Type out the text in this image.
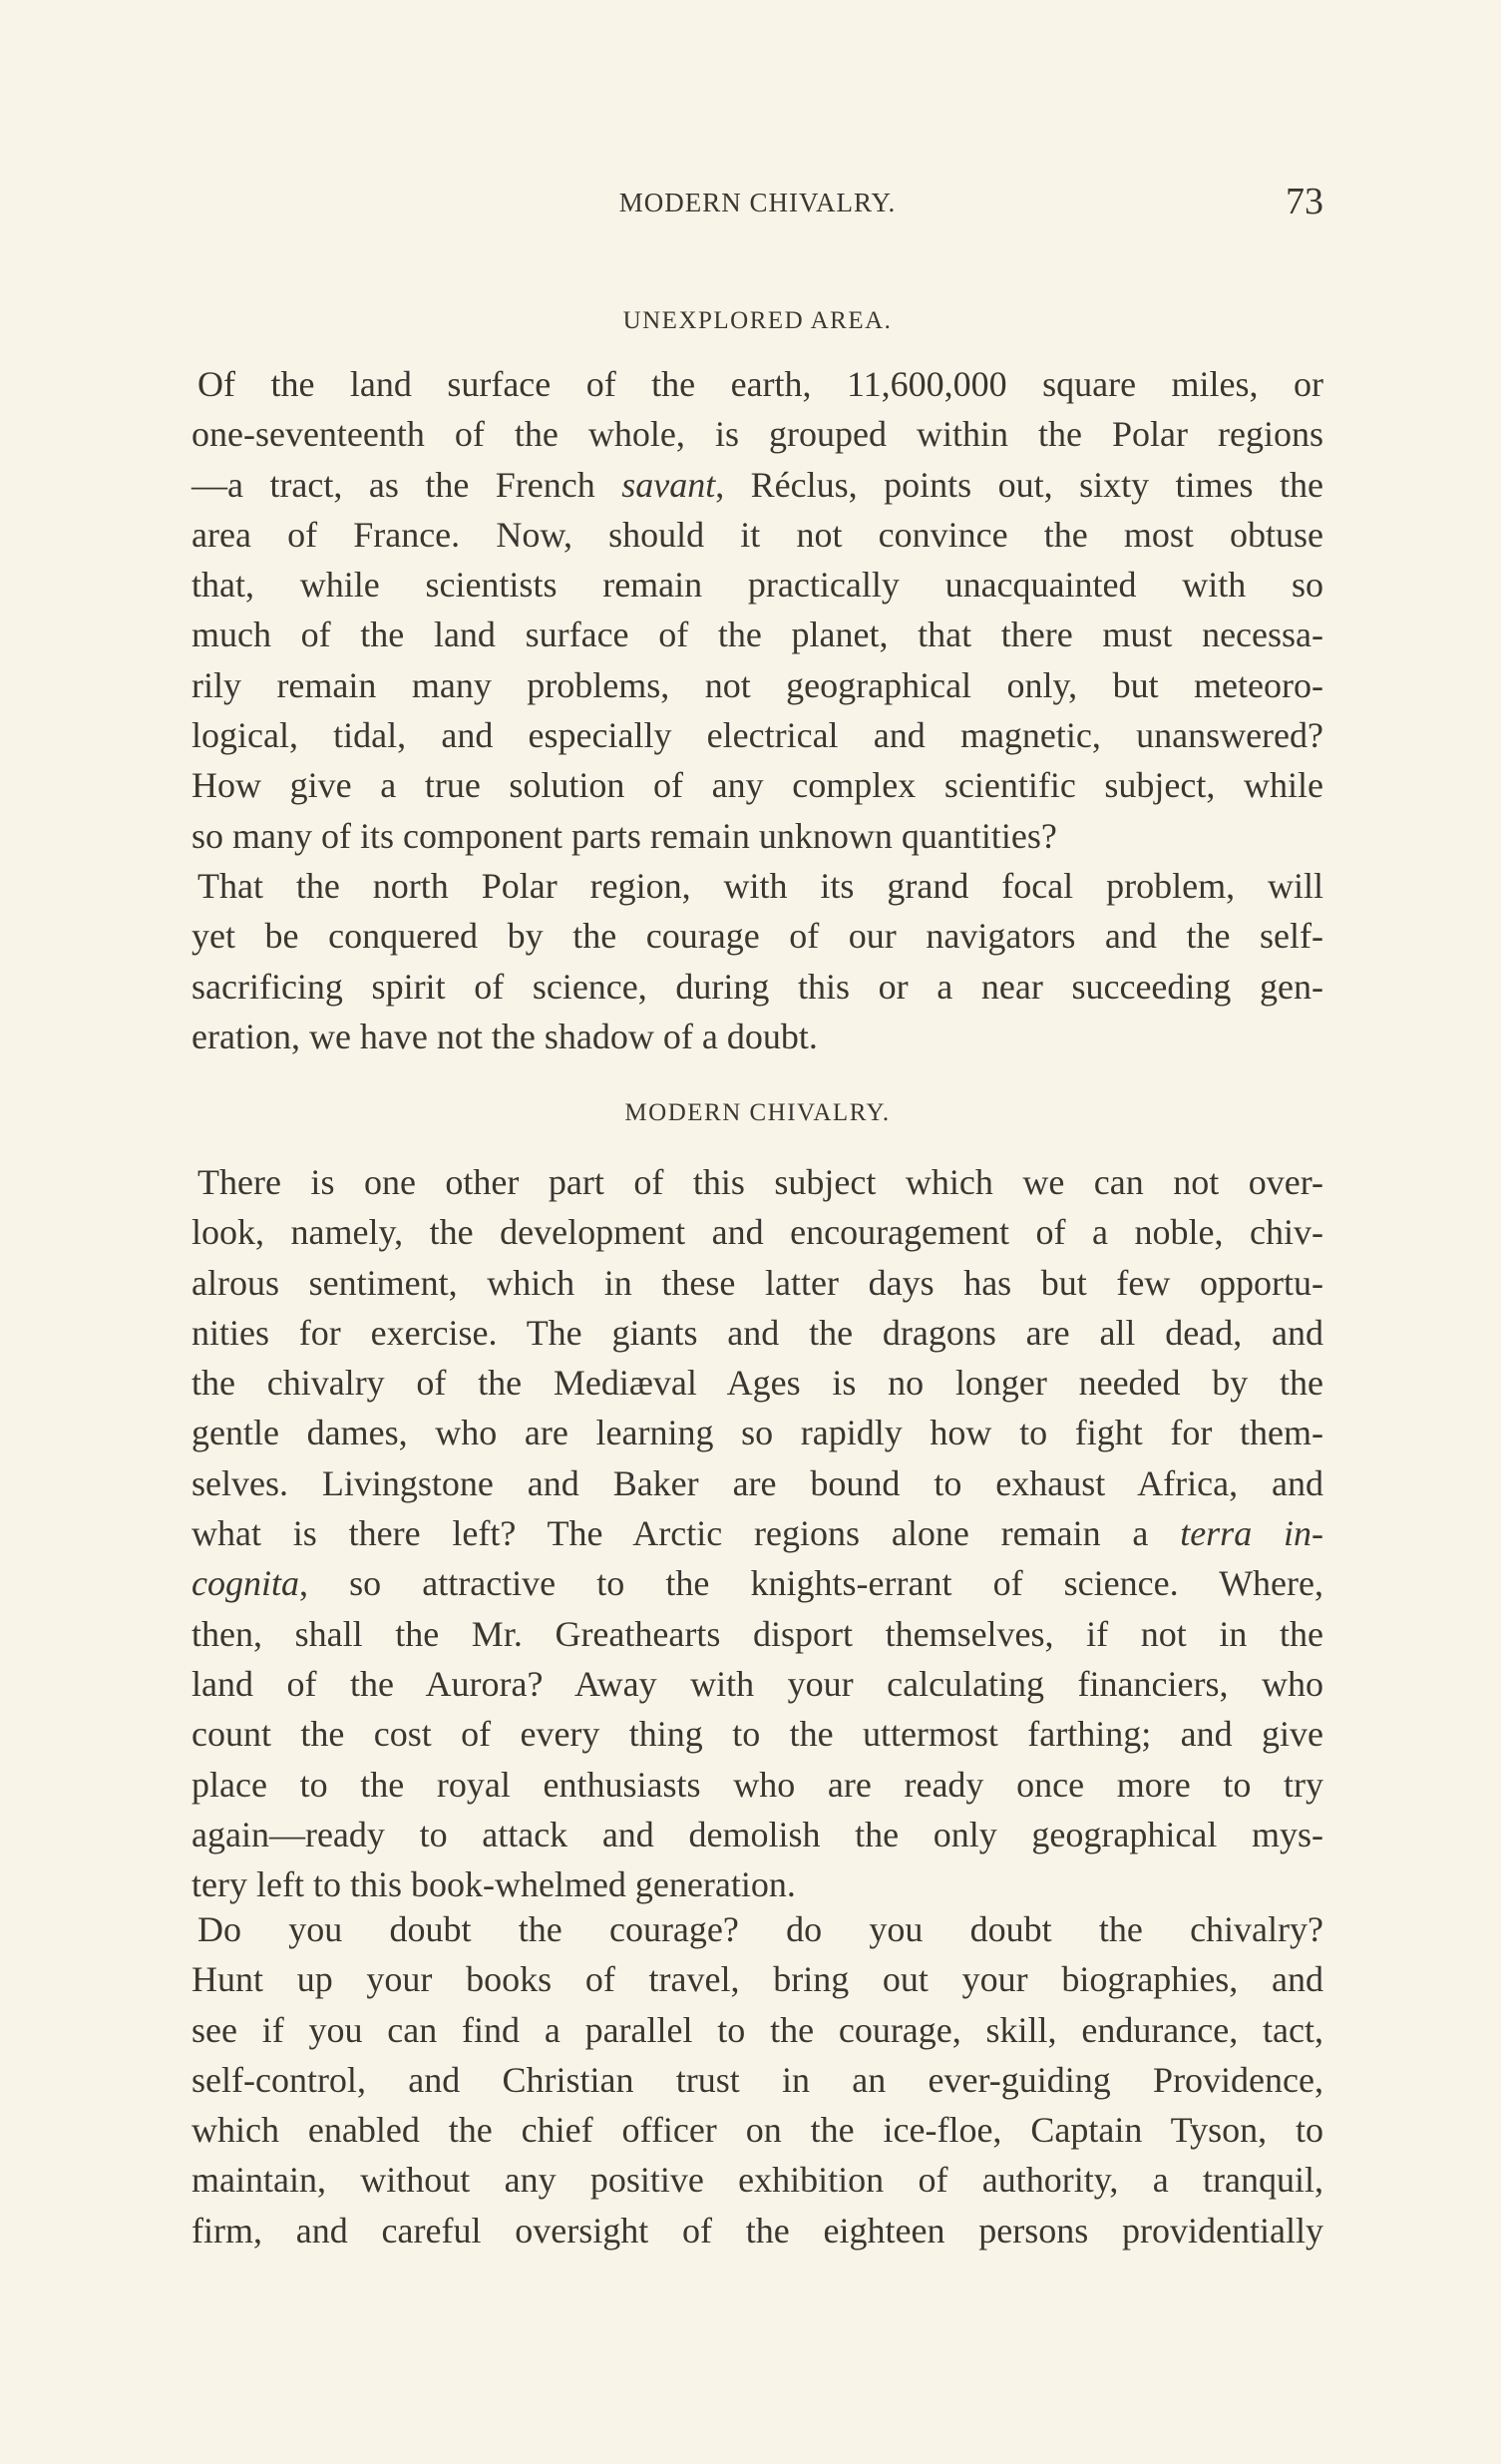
MODERN CHIVALRY.	73
UNEXPLORED AREA.
Of the land surface of the earth, 11,600,000 square miles, or
one-seventeenth of the whole, is grouped within the Polar regions
—a tract, as the French savant, Réclus, points out, sixty times the
area of France. Now, should it not convince the most obtuse
that, while scientists remain practically unacquainted with so
much of the land surface of the planet, that there must necessa-
rily remain many problems, not geographical only, but meteoro-
logical, tidal, and especially electrical and magnetic, unanswered?
How give a true solution of any complex scientific subject, while
so many of its component parts remain unknown quantities?
That the north Polar region, with its grand focal problem, will
yet be conquered by the courage of our navigators and the self-
sacrificing spirit of science, during this or a near succeeding gen-
eration, we have not the shadow of a doubt.
MODERN CHIVALRY.
There is one other part of this subject which we can not over-
look, namely, the development and encouragement of a noble, chiv-
alrous sentiment, which in these latter days has but few opportu-
nities for exercise. The giants and the dragons are all dead, and
the chivalry of the Mediæval Ages is no longer needed by the
gentle dames, who are learning so rapidly how to fight for them-
selves. Livingstone and Baker are bound to exhaust Africa, and
what is there left? The Arctic regions alone remain a terra in-
cognita, so attractive to the knights-errant of science. Where,
then, shall the Mr. Greathearts disport themselves, if not in the
land of the Aurora? Away with your calculating financiers, who
count the cost of every thing to the uttermost farthing; and give
place to the royal enthusiasts who are ready once more to try
again—ready to attack and demolish the only geographical mys-
tery left to this book-whelmed generation.
Do you doubt the courage? do you doubt the chivalry?
Hunt up your books of travel, bring out your biographies, and
see if you can find a parallel to the courage, skill, endurance, tact,
self-control, and Christian trust in an ever-guiding Providence,
which enabled the chief officer on the ice-floe, Captain Tyson, to
maintain, without any positive exhibition of authority, a tranquil,
firm, and careful oversight of the eighteen persons providentially
